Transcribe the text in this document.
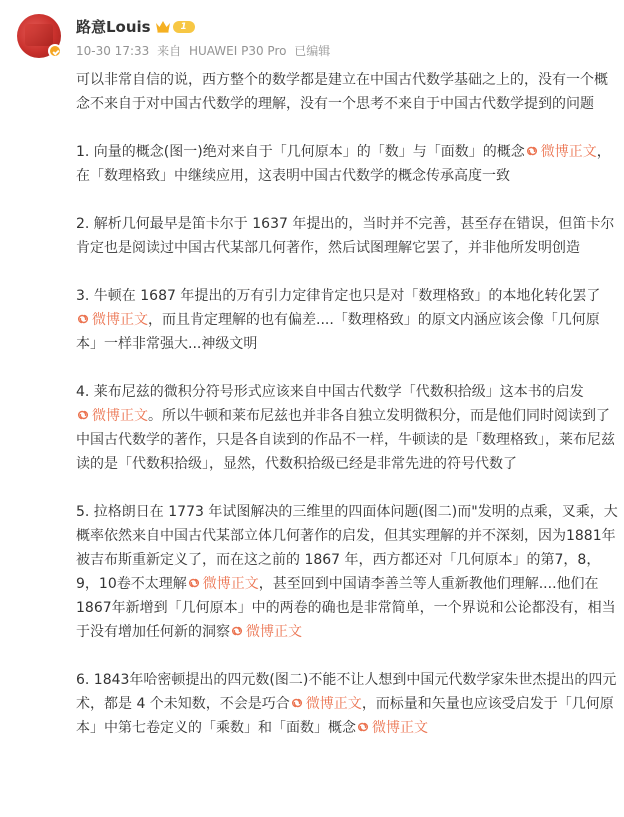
路意Louis	1
10-30 17:33 来自 HUAWEI P30 Pro 已编辑

可以非常自信的说，西方整个的数学都是建立在中国古代数学基础之上的，没有一个概念不来自于对中国古代数学的理解，没有一个思考不来自于中国古代数学提到的问题

1. 向量的概念(图一)绝对来自于「几何原本」的「数」与「面数」的概念 微博正文，在「数理格致」中继续应用，这表明中国古代数学的概念传承高度一致

2. 解析几何最早是笛卡尔于 1637 年提出的，当时并不完善，甚至存在错误，但笛卡尔肯定也是阅读过中国古代某部几何著作，然后试图理解它罢了，并非他所发明创造

3. 牛顿在 1687 年提出的万有引力定律肯定也只是对「数理格致」的本地化转化罢了微博正文，而且肯定理解的也有偏差....「数理格致」的原文内涵应该会像「几何原本」一样非常强大...神级文明

4. 莱布尼兹的微积分符号形式应该来自中国古代数学「代数积拾级」这本书的启发微博正文。所以牛顿和莱布尼兹也并非各自独立发明微积分，而是他们同时阅读到了中国古代数学的著作，只是各自读到的作品不一样，牛顿读的是「数理格致」，莱布尼兹读的是「代数积拾级」，显然，代数积拾级已经是非常先进的符号代数了

5. 拉格朗日在 1773 年试图解决的三维里的四面体问题(图二)而"发明的点乘，叉乘，大概率依然来自中国古代某部立体几何著作的启发，但其实理解的并不深刻，因为1881年被吉布斯重新定义了，而在这之前的 1867 年，西方都还对「几何原本」的第7，8，9，10卷不太理解 微博正文，甚至回到中国请李善兰等人重新教他们理解....他们在1867年新增到「几何原本」中的两卷的确也是非常简单，一个界说和公论都没有，相当于没有增加任何新的洞察 微博正文

6. 1843年哈密顿提出的四元数(图二)不能不让人想到中国元代数学家朱世杰提出的四元术，都是 4 个未知数，不会是巧合 微博正文，而标量和矢量也应该受启发于「几何原本」中第七卷定义的「乘数」和「面数」概念 微博正文
